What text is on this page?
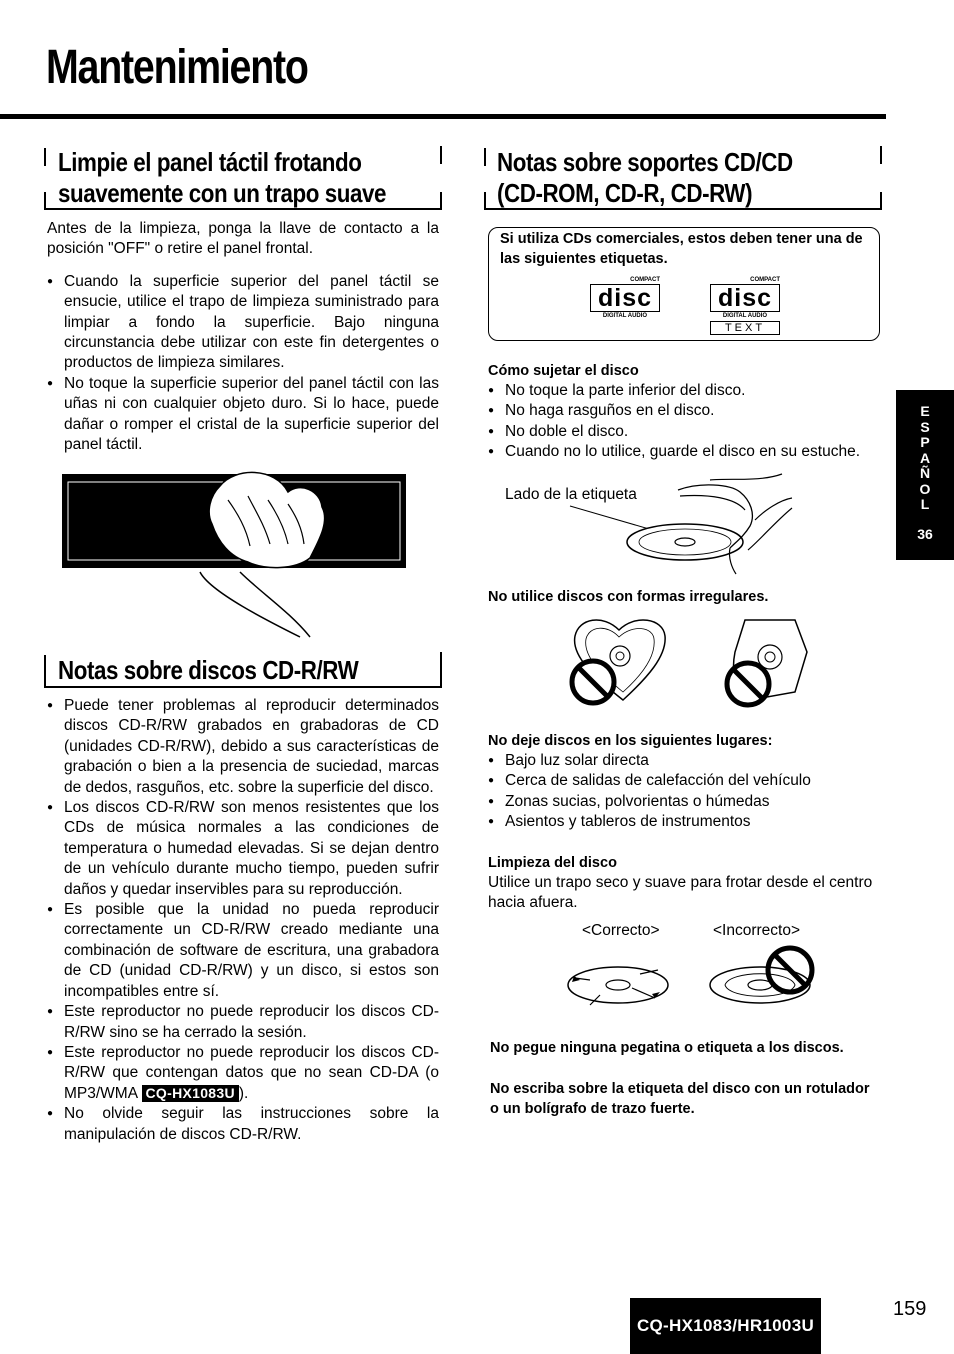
Mantenimiento
Limpie el panel táctil frotando
suavemente con un trapo suave

Antes de la limpieza, ponga la llave de contacto a la posición "OFF" o retire el panel frontal.

● Cuando la superficie superior del panel táctil se ensucie, utilice el trapo de limpieza suministrado para limpiar a fondo la superficie. Bajo ninguna circunstancia debe utilizar con este fin detergentes o productos de limpieza similares.
● No toque la superficie superior del panel táctil con las uñas ni con cualquier objeto duro. Si lo hace, puede dañar o romper el cristal de la superficie superior del panel táctil.
Notas sobre discos CD-R/RW
● Puede tener problemas al reproducir determinados discos CD-R/RW grabados en grabadoras de CD (unidades CD-R/RW), debido a sus características de grabación o bien a la presencia de suciedad, marcas de dedos, rasguños, etc. sobre la superficie del disco.
● Los discos CD-R/RW son menos resistentes que los CDs de música normales a las condiciones de temperatura o humedad elevadas. Si se dejan dentro de un vehículo durante mucho tiempo, pueden sufrir daños y quedar inservibles para su reproducción.
● Es posible que la unidad no pueda reproducir correctamente un CD-R/RW creado mediante una combinación de software de escritura, una grabadora de CD (unidad CD-R/RW) y un disco, si estos son incompatibles entre sí.
● Este reproductor no puede reproducir los discos CD-R/RW sino se ha cerrado la sesión.
● Este reproductor no puede reproducir los discos CD-R/RW que contengan datos que no sean CD-DA (o MP3/WMA CQ-HX1083U ).
● No olvide seguir las instrucciones sobre la manipulación de discos CD-R/RW.
Notas sobre soportes CD/CD
(CD-ROM, CD-R, CD-RW)
Si utiliza CDs comerciales, estos deben tener una de las siguientes etiquetas.
COMPACT
disc
DIGITAL AUDIO
COMPACT
disc
DIGITAL AUDIO
TEXT
Cómo sujetar el disco
● No toque la parte inferior del disco.
● No haga rasguños en el disco.
● No doble el disco.
● Cuando no lo utilice, guarde el disco en su estuche.
Lado de la etiqueta
No utilice discos con formas irregulares.
No deje discos en los siguientes lugares:
● Bajo luz solar directa
● Cerca de salidas de calefacción del vehículo
● Zonas sucias, polvorientas o húmedas
● Asientos y tableros de instrumentos
Limpieza del disco

Utilice un trapo seco y suave para frotar desde el centro hacia afuera.

<Correcto>	<Incorrecto>
No pegue ninguna pegatina o etiqueta a los discos.
No escriba sobre la etiqueta del disco con un rotulador o un bolígrafo de trazo fuerte.
E
S
P
A
Ñ
O
L
36
CQ-HX1083/HR1003U
159
